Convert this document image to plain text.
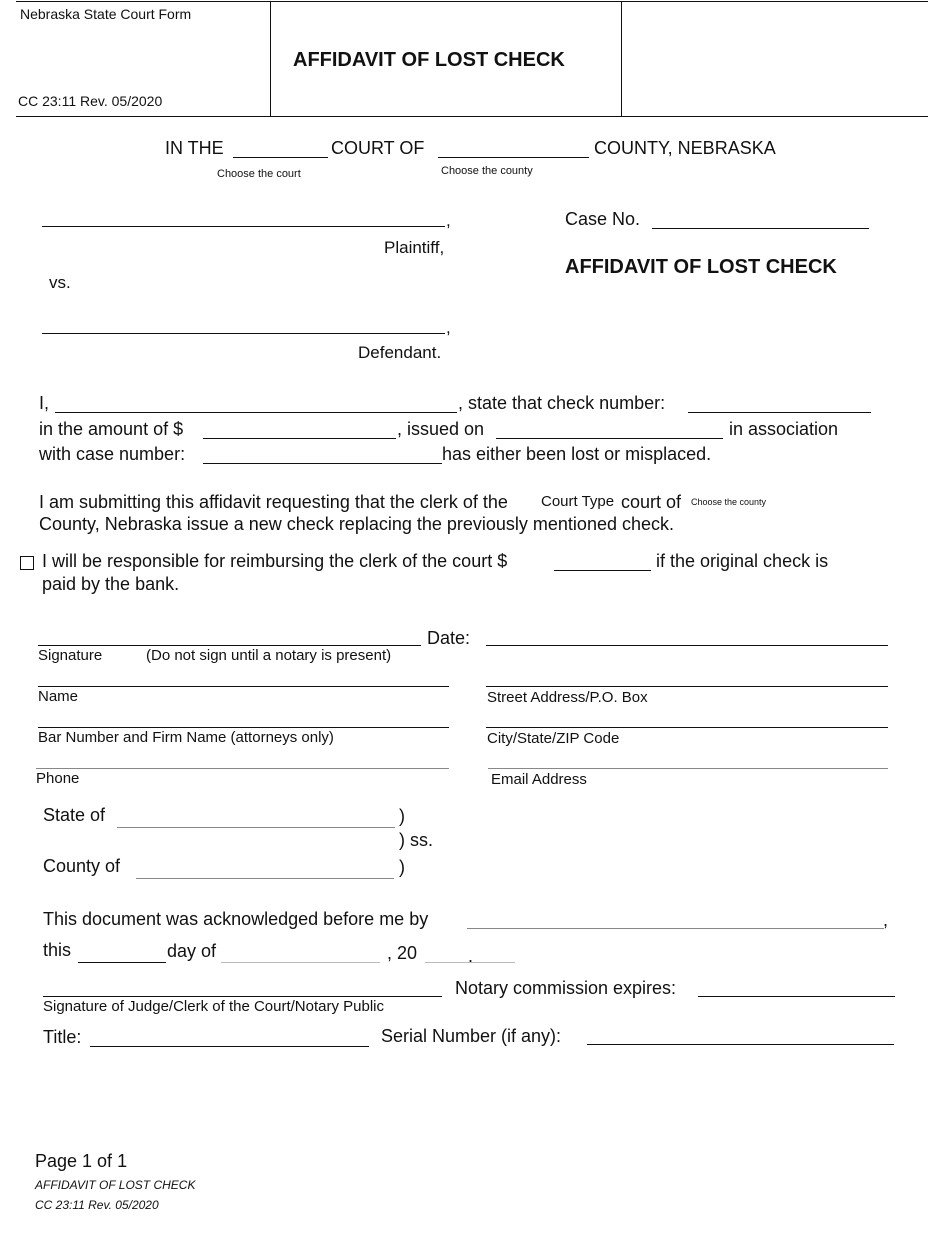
Nebraska State Court Form
CC 23:11 Rev. 05/2020
AFFIDAVIT OF LOST CHECK
IN THE	COURT OF	COUNTY, NEBRASKA
Choose the court	Choose the county
,
Plaintiff,
vs.
,
Defendant.
Case No.
AFFIDAVIT OF LOST CHECK
I,	, state that check number:
in the amount of $	, issued on	in association
with case number:	has either been lost or misplaced.
I am submitting this affidavit requesting that the clerk of the Court Type court of Choose the county
County, Nebraska issue a new check replacing the previously mentioned check.
I will be responsible for reimbursing the clerk of the court $	if the original check is
paid by the bank.
Date:
Signature	(Do not sign until a notary is present)
Name	Street Address/P.O. Box
Bar Number and Firm Name (attorneys only)	City/State/ZIP Code
Phone	Email Address
State of	)
) ss.
County of	)
This document was acknowledged before me by	,
this	day of	, 20	.
Notary commission expires:
Signature of Judge/Clerk of the Court/Notary Public
Title:	Serial Number (if any):
Page 1 of 1
AFFIDAVIT OF LOST CHECK
CC 23:11 Rev. 05/2020
